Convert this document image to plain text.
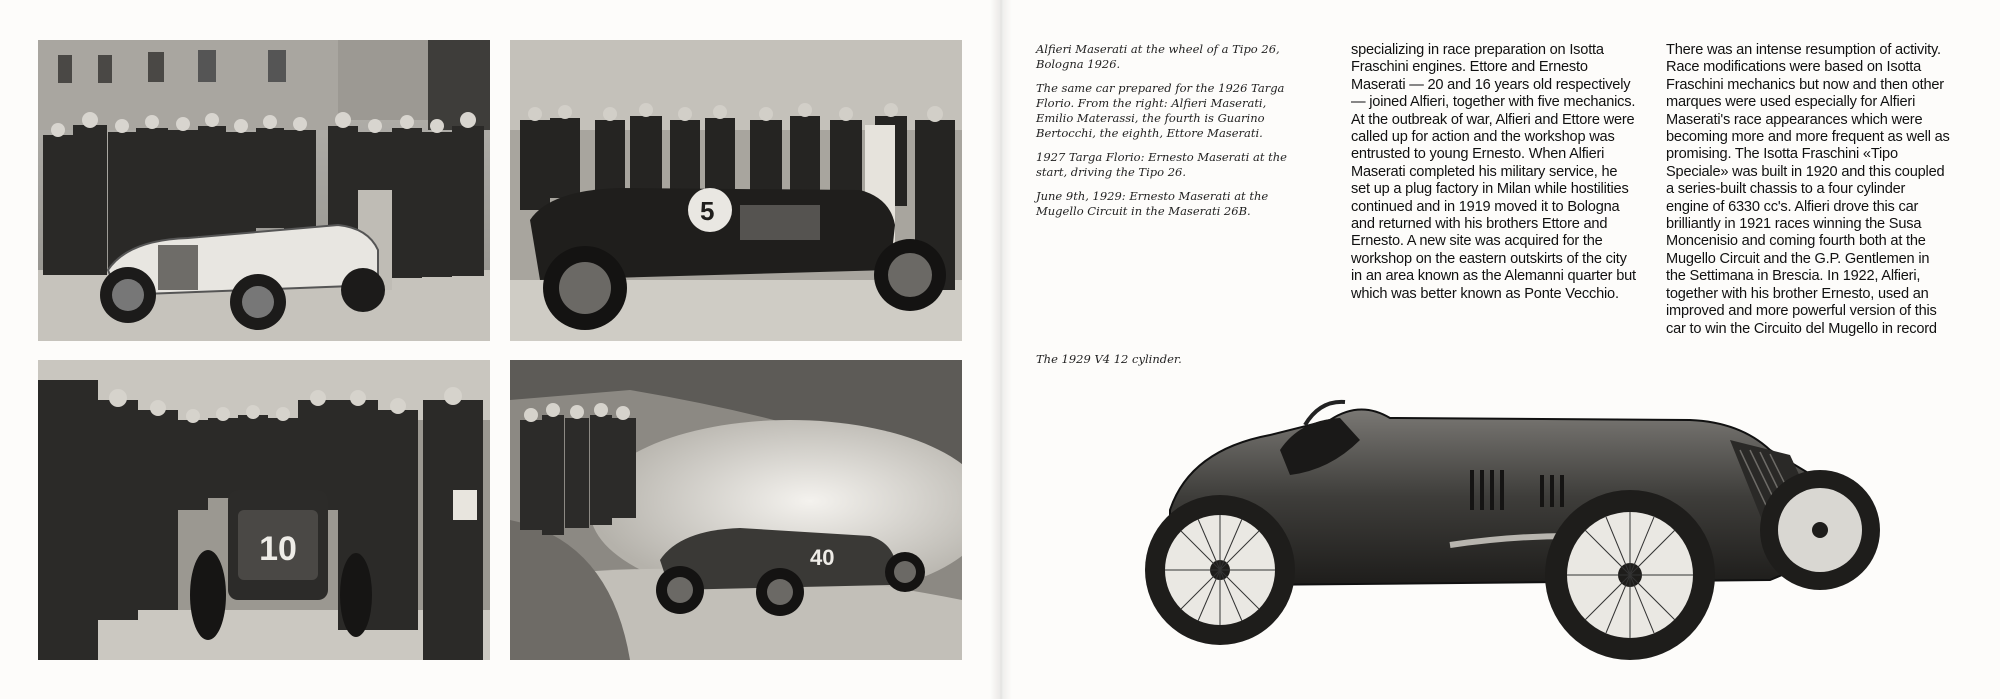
5
10	40

Alfieri Maserati at the wheel of a Tipo 26, Bologna 1926.

The same car prepared for the 1926 Targa Florio. From the right: Alfieri Maserati, Emilio Materassi, the fourth is Guarino Bertocchi, the eighth, Ettore Maserati.

1927 Targa Florio: Ernesto Maserati at the start, driving the Tipo 26.

June 9th, 1929: Ernesto Maserati at the Mugello Circuit in the Maserati 26B.

specializing in race preparation on Isotta Fraschini engines. Ettore and Ernesto Maserati — 20 and 16 years old respectively — joined Alfieri, together with five mechanics.

At the outbreak of war, Alfieri and Ettore were called up for action and the workshop was entrusted to young Ernesto. When Alfieri Maserati completed his military service, he set up a plug factory in Milan while hostilities continued and in 1919 moved it to Bologna and returned with his brothers Ettore and Ernesto. A new site was acquired for the workshop on the eastern outskirts of the city in an area known as the Alemanni quarter but which was better known as Ponte Vecchio.

There was an intense resumption of activity. Race modifications were based on Isotta Fraschini mechanics but now and then other marques were used especially for Alfieri Maserati's race appearances which were becoming more and more frequent as well as promising. The Isotta Fraschini «Tipo Speciale» was built in 1920 and this coupled a series-built chassis to a four cylinder engine of 6330 cc's. Alfieri drove this car brilliantly in 1921 races winning the Susa Moncenisio and coming fourth both at the Mugello Circuit and the G.P. Gentlemen in the Settimana in Brescia. In 1922, Alfieri, together with his brother Ernesto, used an improved and more powerful version of this car to win the Circuito del Mugello in record

The 1929 V4 12 cylinder.
